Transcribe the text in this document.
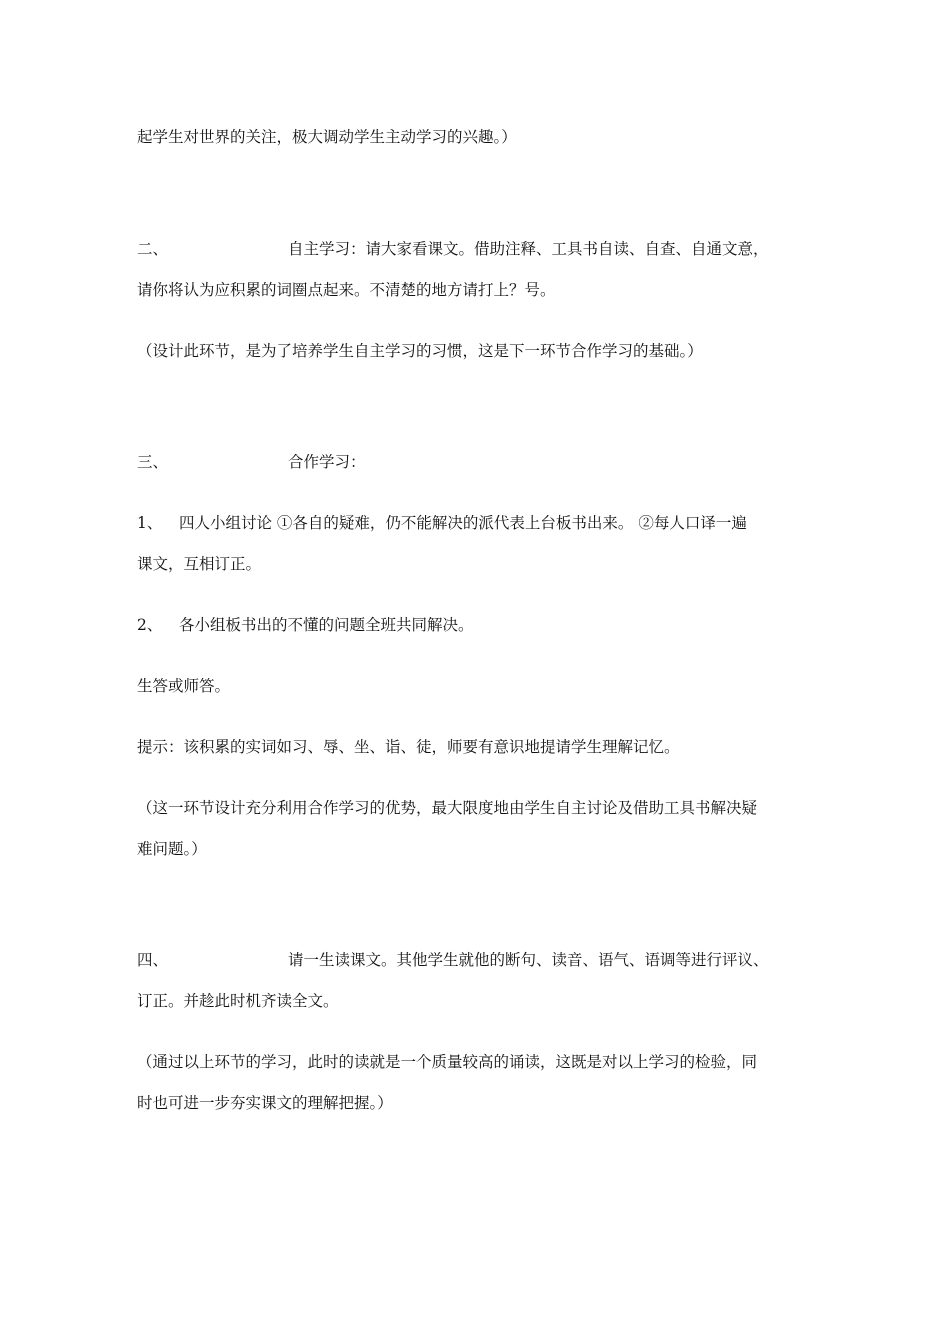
起学生对世界的关注，极大调动学生主动学习的兴趣。）
二、	自主学习：请大家看课文。借助注释、工具书自读、自查、自通文意，
请你将认为应积累的词圈点起来。不清楚的地方请打上？号。
（设计此环节，是为了培养学生自主学习的习惯，这是下一环节合作学习的基础。）
三、	合作学习：
1、 四人小组讨论 ①各自的疑难，仍不能解决的派代表上台板书出来。 ②每人口译一遍
课文，互相订正。
2、 各小组板书出的不懂的问题全班共同解决。
生答或师答。
提示：该积累的实词如习、辱、坐、诣、徒，师要有意识地提请学生理解记忆。
（这一环节设计充分利用合作学习的优势，最大限度地由学生自主讨论及借助工具书解决疑
难问题。）
四、	请一生读课文。其他学生就他的断句、读音、语气、语调等进行评议、
订正。并趁此时机齐读全文。
（通过以上环节的学习，此时的读就是一个质量较高的诵读，这既是对以上学习的检验，同
时也可进一步夯实课文的理解把握。）
